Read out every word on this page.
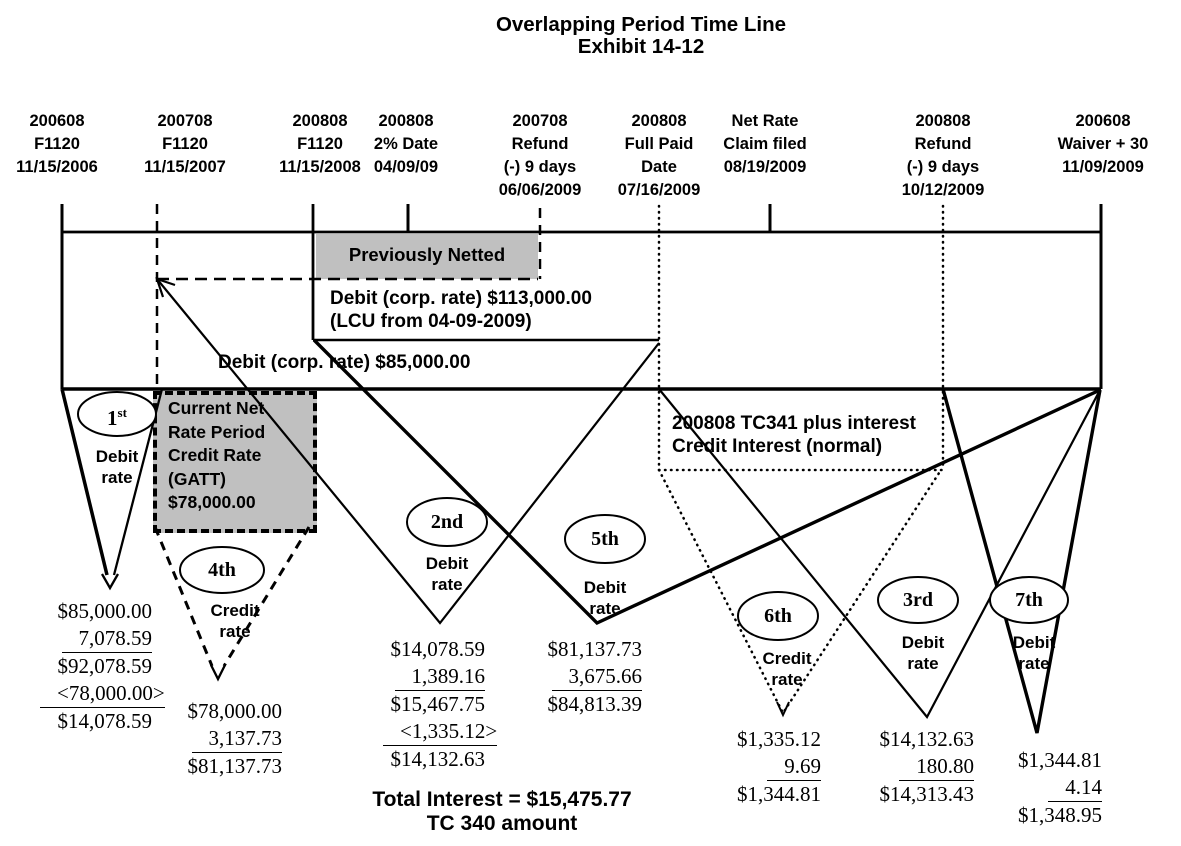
Overlapping Period Time Line
Exhibit 14-12
200608
F1120
11/15/2006
200708
F1120
11/15/2007
200808
F1120
11/15/2008
200808
2% Date
04/09/09
200708
Refund
(-) 9 days
06/06/2009
200808
Full Paid
Date
07/16/2009
Net Rate
Claim filed
08/19/2009
200808
Refund
(-) 9 days
10/12/2009
200608
Waiver + 30
11/09/2009
Previously Netted
Debit (corp. rate) $113,000.00
(LCU from 04-09-2009)
Debit (corp. rate) $85,000.00
200808 TC341 plus interest
Credit Interest (normal)
Current Net
Rate Period
Credit Rate
(GATT)
$78,000.00
1st
2nd
3rd
4th
5th
6th
7th
Debit
rate
Debit
rate
Debit
rate
Credit
rate
Debit
rate
Credit
rate
Debit
rate
$85,000.00
7,078.59
$92,078.59
<78,000.00>
$14,078.59
$14,078.59
1,389.16
$15,467.75
<1,335.12>
$14,132.63
$14,132.63
180.80
$14,313.43
$78,000.00
3,137.73
$81,137.73
$81,137.73
3,675.66
$84,813.39
$1,335.12
9.69
$1,344.81
$1,344.81
4.14
$1,348.95
Total Interest = $15,475.77
TC 340 amount
